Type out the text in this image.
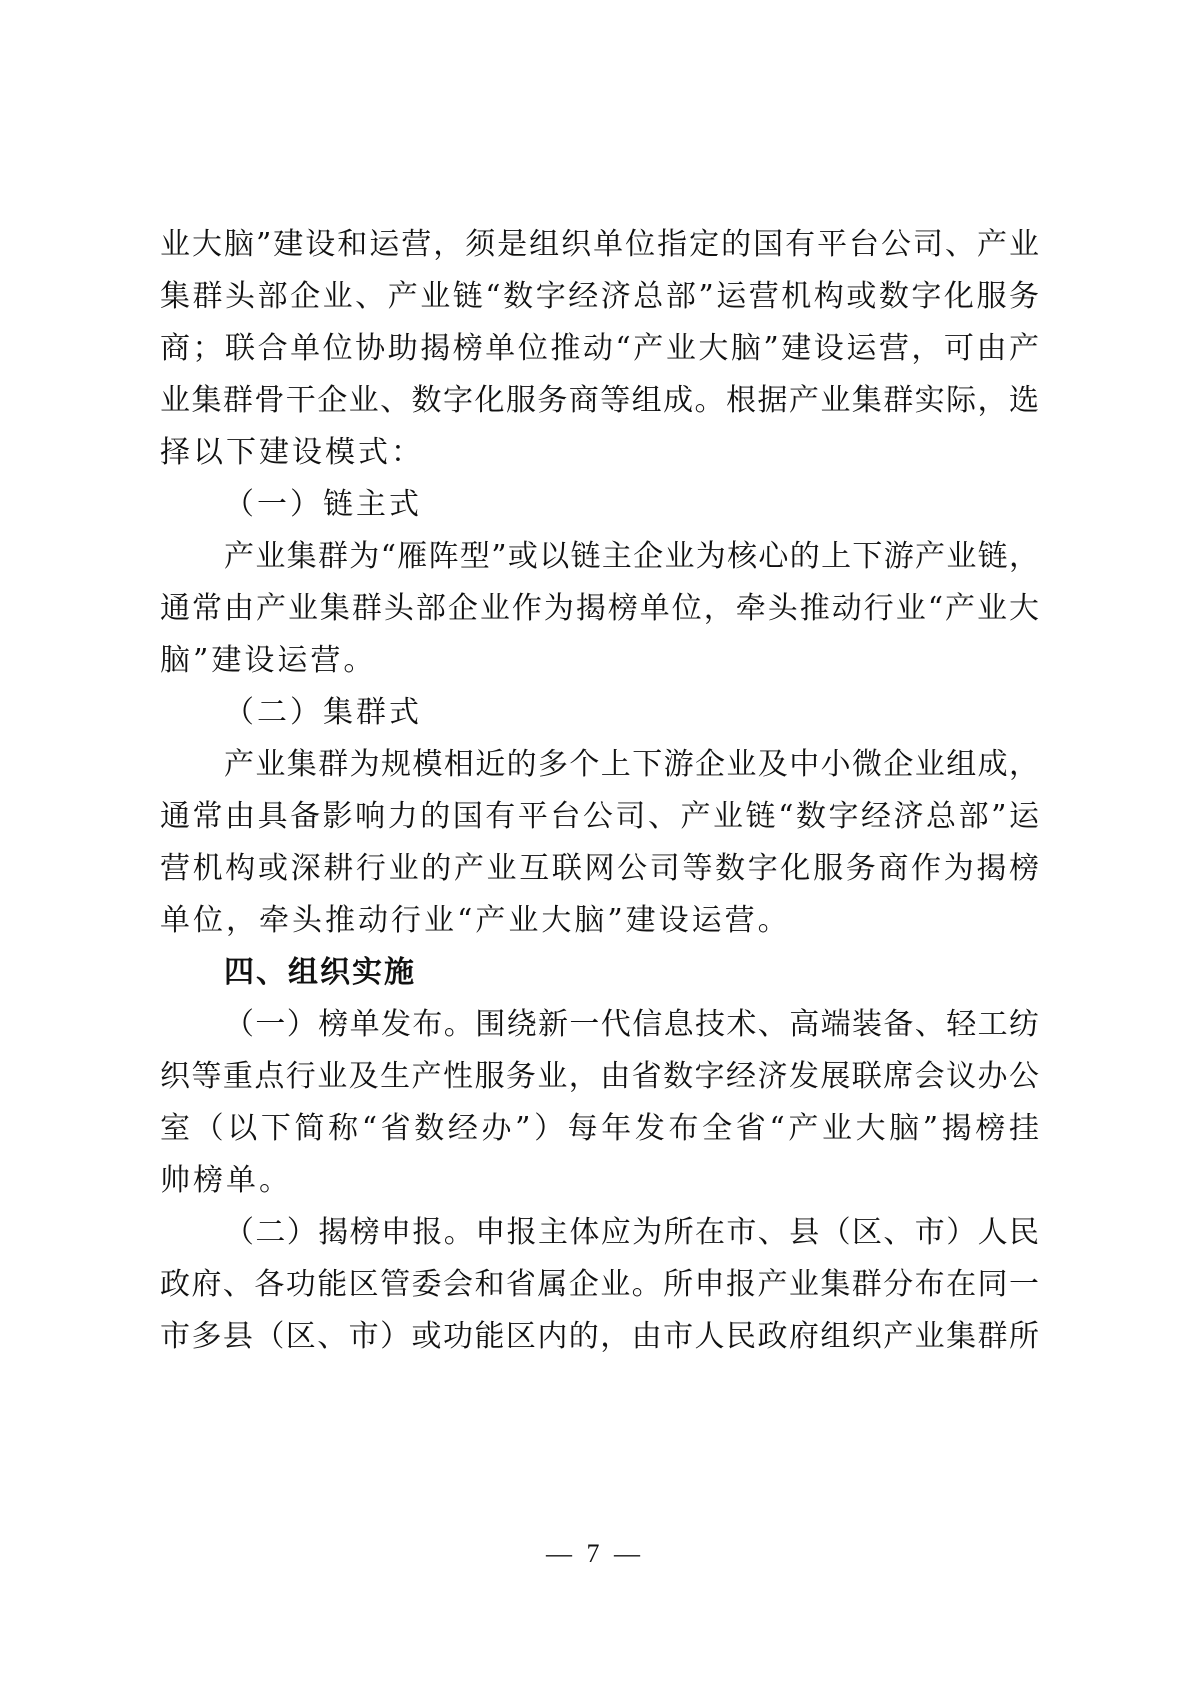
业大脑”建设和运营，须是组织单位指定的国有平台公司、产业
集群头部企业、产业链“数字经济总部”运营机构或数字化服务
商；联合单位协助揭榜单位推动“产业大脑”建设运营，可由产
业集群骨干企业、数字化服务商等组成。根据产业集群实际，选
择以下建设模式：
（一）链主式
产业集群为“雁阵型”或以链主企业为核心的上下游产业链，
通常由产业集群头部企业作为揭榜单位，牵头推动行业“产业大
脑”建设运营。
（二）集群式
产业集群为规模相近的多个上下游企业及中小微企业组成，
通常由具备影响力的国有平台公司、产业链“数字经济总部”运
营机构或深耕行业的产业互联网公司等数字化服务商作为揭榜
单位，牵头推动行业“产业大脑”建设运营。
四、组织实施
（一）榜单发布。围绕新一代信息技术、高端装备、轻工纺
织等重点行业及生产性服务业，由省数字经济发展联席会议办公
室（以下简称“省数经办”）每年发布全省“产业大脑”揭榜挂
帅榜单。
（二）揭榜申报。申报主体应为所在市、县（区、市）人民
政府、各功能区管委会和省属企业。所申报产业集群分布在同一
市多县（区、市）或功能区内的，由市人民政府组织产业集群所
— 7 —
